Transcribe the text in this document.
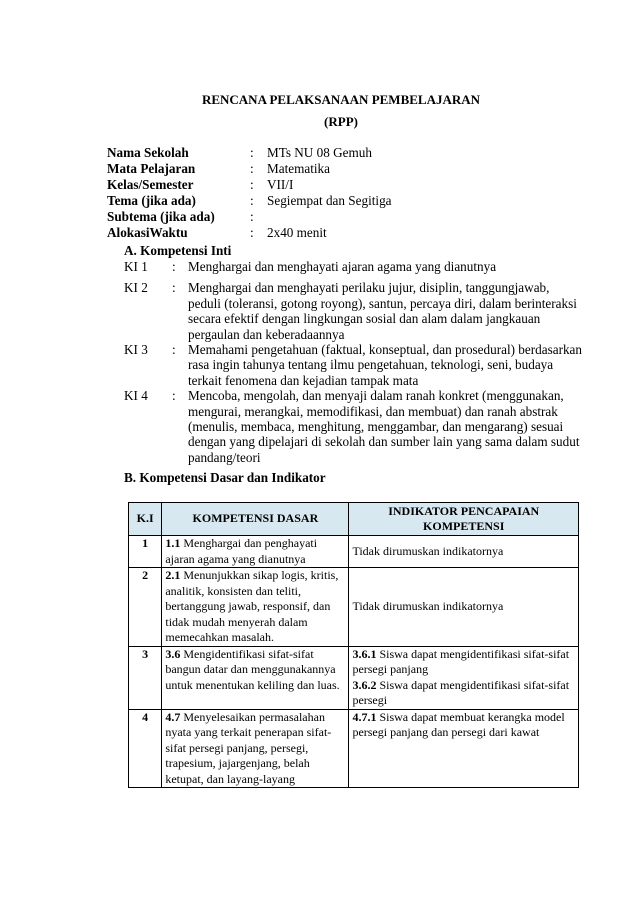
RENCANA PELAKSANAAN PEMBELAJARAN
(RPP)
Nama Sekolah	:	MTs NU 08 Gemuh
Mata Pelajaran	:	Matematika
Kelas/Semester	:	VII/I
Tema (jika ada)	:	Segiempat dan Segitiga
Subtema (jika ada)	:
AlokasiWaktu	:	2x40 menit
A. Kompetensi Inti
KI 1	: Menghargai dan menghayati ajaran agama yang dianutnya
KI 2	: Menghargai dan menghayati perilaku jujur, disiplin, tanggungjawab, peduli (toleransi, gotong royong), santun, percaya diri, dalam berinteraksi secara efektif dengan lingkungan sosial dan alam dalam jangkauan pergaulan dan keberadaannya
KI 3	: Memahami pengetahuan (faktual, konseptual, dan prosedural) berdasarkan rasa ingin tahunya tentang ilmu pengetahuan, teknologi, seni, budaya terkait fenomena dan kejadian tampak mata
KI 4	: Mencoba, mengolah, dan menyaji dalam ranah konkret (menggunakan, mengurai, merangkai, memodifikasi, dan membuat) dan ranah abstrak (menulis, membaca, menghitung, menggambar, dan mengarang) sesuai dengan yang dipelajari di sekolah dan sumber lain yang sama dalam sudut pandang/teori
B. Kompetensi Dasar dan Indikator
K.I	KOMPETENSI DASAR	INDIKATOR PENCAPAIAN KOMPETENSI
1	1.1 Menghargai dan penghayati ajaran agama yang dianutnya	Tidak dirumuskan indikatornya
2	2.1 Menunjukkan sikap logis, kritis, analitik, konsisten dan teliti, bertanggung jawab, responsif, dan tidak mudah menyerah dalam memecahkan masalah.	Tidak dirumuskan indikatornya
3	3.6 Mengidentifikasi sifat-sifat bangun datar dan menggunakannya untuk menentukan keliling dan luas.	3.6.1 Siswa dapat mengidentifikasi sifat-sifat persegi panjang
3.6.2 Siswa dapat mengidentifikasi sifat-sifat persegi

4	4.7 Menyelesaikan permasalahan nyata yang terkait penerapan sifat-sifat persegi panjang, persegi, trapesium, jajargenjang, belah ketupat, dan layang-layang	4.7.1 Siswa dapat membuat kerangka model persegi panjang dan persegi dari kawat
